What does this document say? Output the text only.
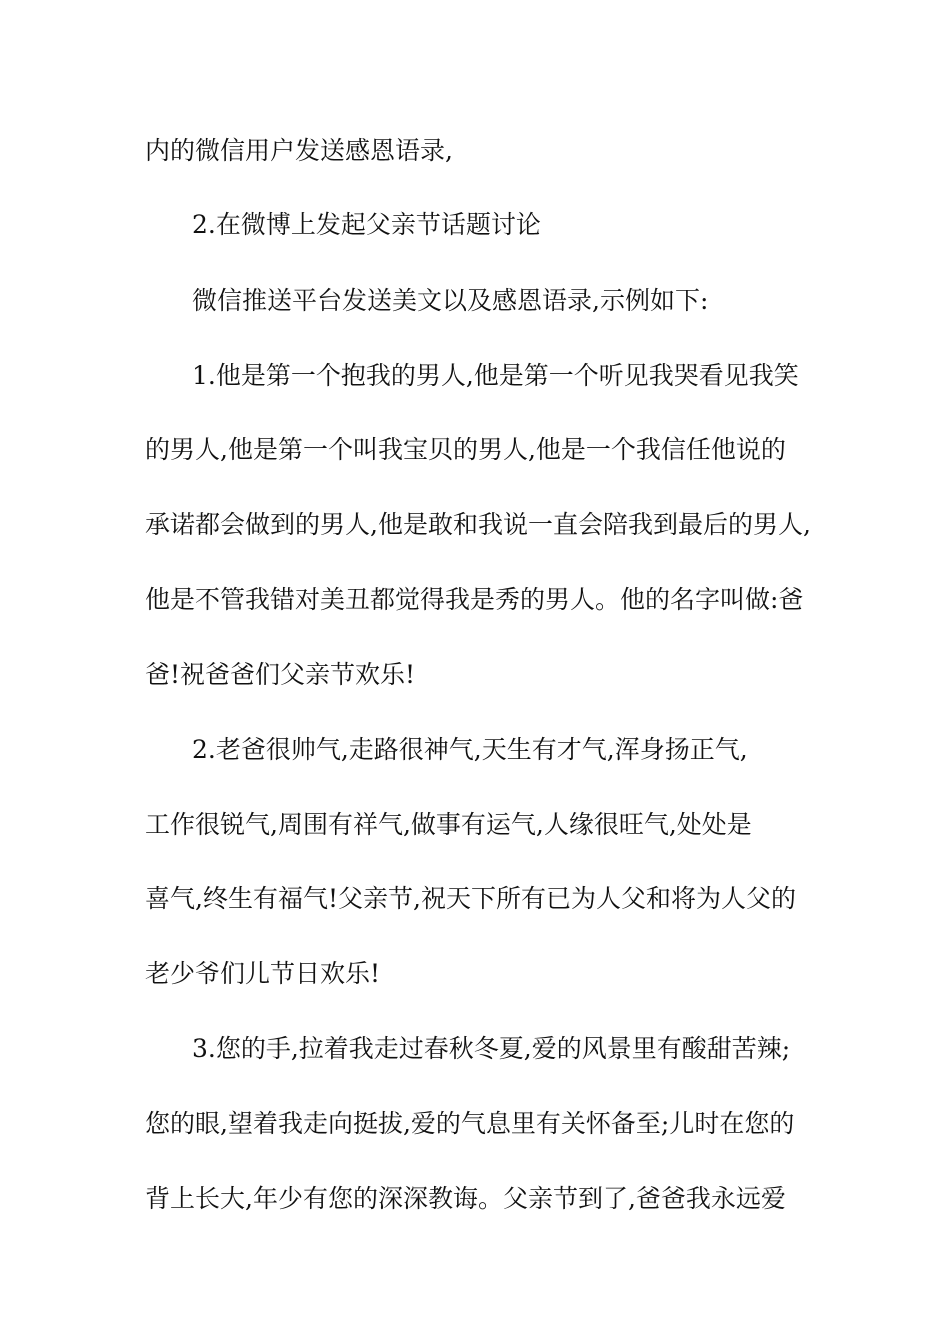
内的微信用户发送感恩语录,
2.在微博上发起父亲节话题讨论
微信推送平台发送美文以及感恩语录,示例如下:
1.他是第一个抱我的男人,他是第一个听见我哭看见我笑
的男人,他是第一个叫我宝贝的男人,他是一个我信任他说的
承诺都会做到的男人,他是敢和我说一直会陪我到最后的男人,
他是不管我错对美丑都觉得我是秀的男人。他的名字叫做:爸
爸!祝爸爸们父亲节欢乐!
2.老爸很帅气,走路很神气,天生有才气,浑身扬正气,
工作很锐气,周围有祥气,做事有运气,人缘很旺气,处处是
喜气,终生有福气!父亲节,祝天下所有已为人父和将为人父的
老少爷们儿节日欢乐!
3.您的手,拉着我走过春秋冬夏,爱的风景里有酸甜苦辣;
您的眼,望着我走向挺拔,爱的气息里有关怀备至;儿时在您的
背上长大,年少有您的深深教诲。父亲节到了,爸爸我永远爱
